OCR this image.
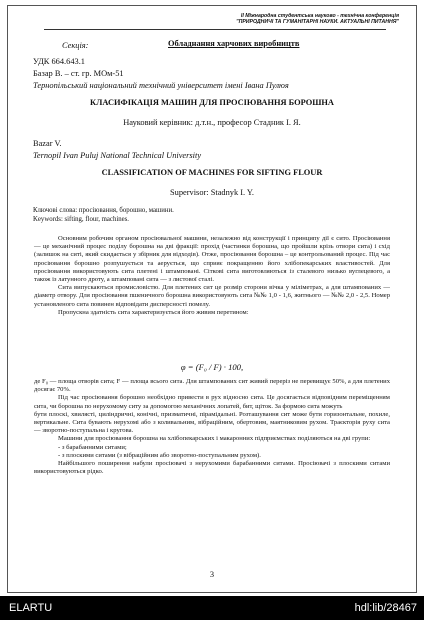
II Міжнародна студентська науково - технічна конференція
"ПРИРОДНИЧІ ТА ГУМАНІТАРНІ НАУКИ. АКТУАЛЬНІ ПИТАННЯ"
Секція:	Обладнання харчових виробництв
УДК 664.643.1
Базар В. – ст. гр. МОм-51
Тернопільський національний технічний університет імені Івана Пулюя
КЛАСИФІКАЦІЯ МАШИН ДЛЯ ПРОСІЮВАННЯ БОРОШНА
Науковий керівник: д.т.н., професор Стадник І. Я.
Bazar V.
Ternopil Ivan Puluj National Technical University
CLASSIFICATION OF MACHINES FOR SIFTING FLOUR
Supervisor: Stadnyk I. Y.
Ключові слова: просіювання, борошно, машини.
Keywords: sifting, flour, machines.

Основним робочим органом просіювальної машини, незалежно від конструкції і принципу дії є сито. Просіювання — це механічний процес поділу борошна на дві фракції: прохід (частинки борошна, що пройшли крізь отвори сита) і схід (залишок на ситі, який скидається у збірник для відходів). Отже, просіювання борошна – це контрольований процес. Під час просіювання борошно розпушується та аерується, що сприяє покращенню його хлібопекарських властивостей. Для просіювання використовують сита плетені і штамповані. Сіткові сита виготовляються із сталевого низько вуглецевого, а також із латунного дроту, а штамповані сита — з листової сталі.

Сита випускаються промисловістю. Для плетених сит це розмір сторони вічка у міліметрах, а для штампованих — діаметр отвору. Для просіювання пшеничного борошна використовують сита №№ 1,0 - 1,6, житнього — №№ 2,0 - 2,5. Номер установленого сита повинен відповідати дисперсності помелу.

Пропускна здатність сита характеризується його живим перетином:

φ = (F₀ / F) · 100,

де F₀ — площа отворів сита; F — площа всього сита. Для штампованих сит живий переріз не перевищує 50%, а для плетених досягає 70%.

Під час просіювання борошно необхідно привести в рух відносно сита. Це досягається відповідним переміщенням сита, чи борошна по нерухомому ситу за допомогою механічних лопатей, бит, щіток. За формою сита можуть

бути плоскі, хвилясті, циліндричні, конічні, призматичні, пірамідальні. Розташування сит може бути горизонтальне, похиле, вертикальне. Сита бувають нерухомі або з коливальним, вібраційним, обертовим, маятниковим рухом. Траєкторія руху сита — зворотно-поступальна і кругова.

Машини для просіювання борошна на хлібопекарських і макаронних підприємствах поділяються на дві групи:

- з барабанними ситами;

- з плоскими ситами (з вібраційним або зворотно-поступальним рухом).

Найбільшого поширення набули просіювачі з нерухомими барабанними ситами. Просіювачі з плоскими ситами використовуються рідко.

3
ELARTU	hdl:lib/28467
